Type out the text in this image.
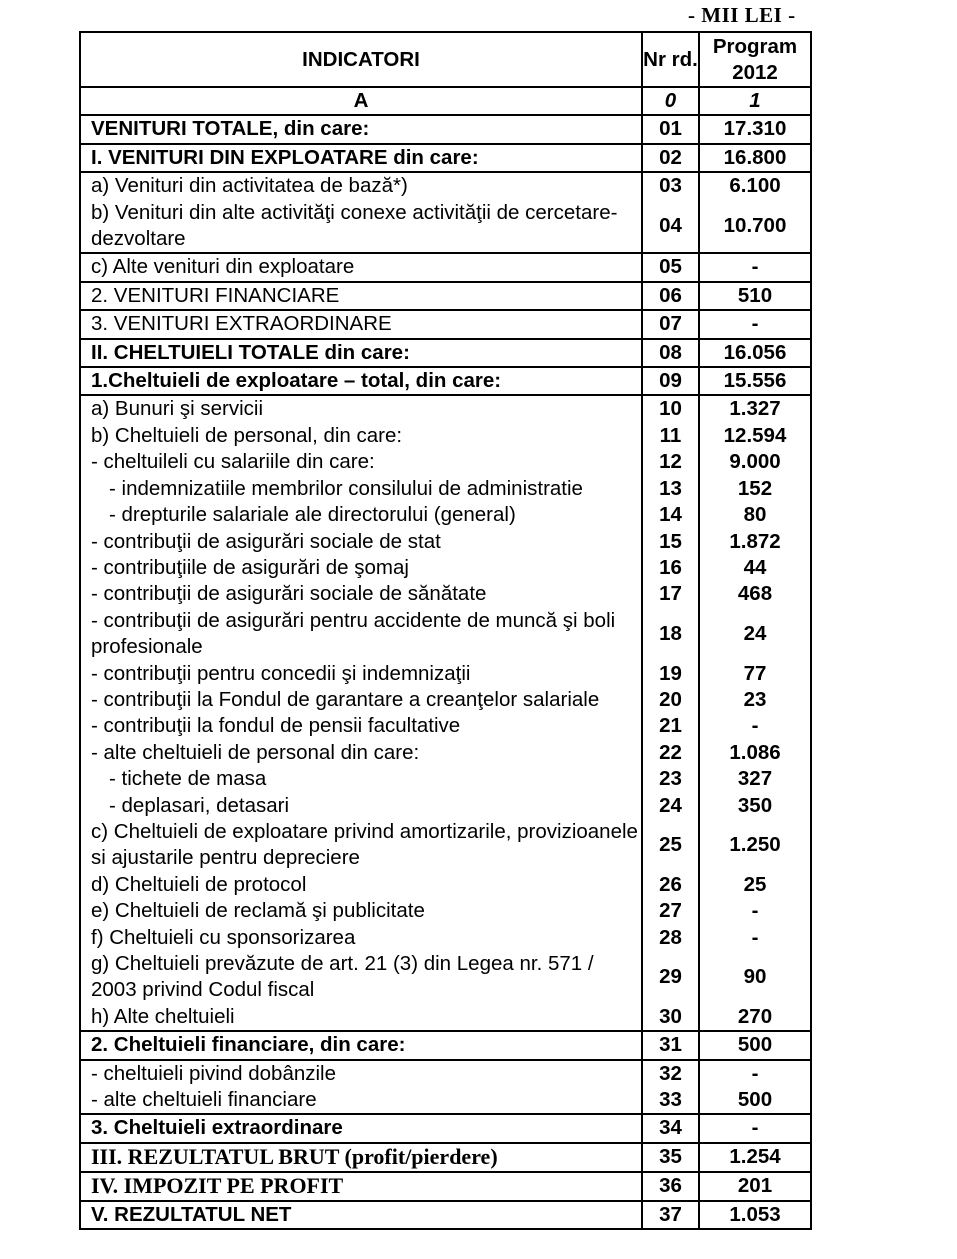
- MII LEI -
INDICATORI	Nr rd.	Program 2012
A	0	1
VENITURI TOTALE, din care:	01	17.310
I. VENITURI DIN EXPLOATARE din care:	02	16.800
a) Venituri din activitatea de bază*)	03	6.100
b) Venituri din alte activităţi conexe activităţii de cercetare-dezvoltare	04	10.700
c) Alte venituri din exploatare	05	-
2. VENITURI FINANCIARE	06	510
3. VENITURI EXTRAORDINARE	07	-
II. CHELTUIELI TOTALE din care:	08	16.056
1.Cheltuieli de exploatare – total, din care:	09	15.556
a) Bunuri şi servicii	10	1.327
b) Cheltuieli de personal, din care:	11	12.594
- cheltuileli cu salariile din care:	12	9.000
- indemnizatiile membrilor consilului de administratie	13	152
- drepturile salariale ale directorului (general)	14	80
- contribuţii de asigurări sociale de stat	15	1.872
- contribuţiile de asigurări de şomaj	16	44
- contribuţii de asigurări sociale de sănătate	17	468
- contribuţii de asigurări pentru accidente de muncă şi boli profesionale	18	24
- contribuţii pentru concedii şi indemnizaţii	19	77
- contribuţii la Fondul de garantare a creanţelor salariale	20	23
- contribuţii la fondul de pensii facultative	21	-
- alte cheltuieli de personal din care:	22	1.086
- tichete de masa	23	327
- deplasari, detasari	24	350
c) Cheltuieli de exploatare privind amortizarile, provizioanele si ajustarile pentru depreciere	25	1.250
d) Cheltuieli de protocol	26	25
e) Cheltuieli de reclamă şi publicitate	27	-
f) Cheltuieli cu sponsorizarea	28	-
g) Cheltuieli prevăzute de art. 21 (3) din Legea nr. 571 / 2003 privind Codul fiscal	29	90
h) Alte cheltuieli	30	270
2. Cheltuieli financiare, din care:	31	500
- cheltuieli pivind dobânzile	32	-
- alte cheltuieli financiare	33	500
3. Cheltuieli extraordinare	34	-
III. REZULTATUL BRUT (profit/pierdere)	35	1.254
IV. IMPOZIT PE PROFIT	36	201
V. REZULTATUL NET	37	1.053
